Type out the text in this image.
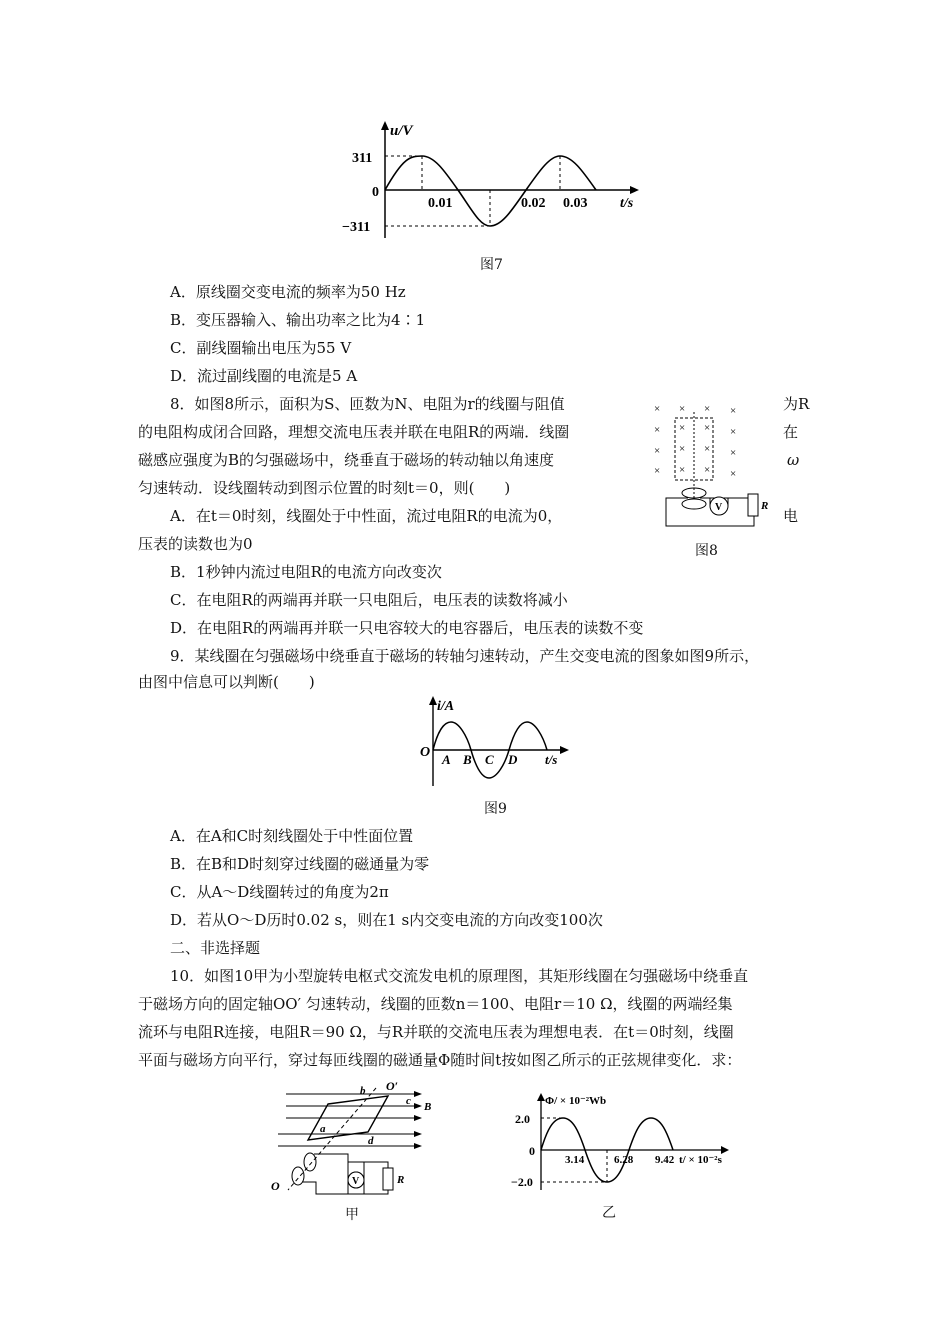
u/V
311
0
−311
0.01	0.02 0.03 t/s
图7
A．原线圈交变电流的频率为50 Hz
B．变压器输入、输出功率之比为4∶1
C．副线圈输出电压为55 V
D．流过副线圈的电流是5 A
8．如图8所示，面积为S、匝数为N、电阻为r的线圈与阻值	为R
的电阻构成闭合回路，理想交流电压表并联在电阻R的两端．线圈	在
磁感应强度为B的匀强磁场中，绕垂直于磁场的转动轴以角速度	ω
匀速转动．设线圈转动到图示位置的时刻t＝0，则(　　)
A．在t＝0时刻，线圈处于中性面，流过电阻R的电流为0，	电
压表的读数也为0
B．1秒钟内流过电阻R的电流方向改变次
C．在电阻R的两端再并联一只电阻后，电压表的读数将减小
D．在电阻R的两端再并联一只电容较大的电容器后，电压表的读数不变
× × × ×
× × × ×
× × × ×
× × × ×
V	R
图8
9．某线圈在匀强磁场中绕垂直于磁场的转轴匀速转动，产生交变电流的图象如图9所示，
由图中信息可以判断(　　)
i/A
O A B C D t/s
图9
A．在A和C时刻线圈处于中性面位置
B．在B和D时刻穿过线圈的磁通量为零
C．从A～D线圈转过的角度为2π
D．若从O～D历时0.02 s，则在1 s内交变电流的方向改变100次
二、非选择题
10．如图10甲为小型旋转电枢式交流发电机的原理图，其矩形线圈在匀强磁场中绕垂直
于磁场方向的固定轴OO′ 匀速转动，线圈的匝数n＝100、电阻r＝10 Ω，线圈的两端经集
流环与电阻R连接，电阻R＝90 Ω，与R并联的交流电压表为理想电表．在t＝0时刻，线圈
平面与磁场方向平行，穿过每匝线圈的磁通量Φ随时间t按如图乙所示的正弦规律变化．求：
V	R
O′
b
c B
a
d
O
甲
Φ/ × 10⁻²Wb
2.0
0
−2.0
3.14	6.28 9.42 t/ × 10⁻²s
乙
